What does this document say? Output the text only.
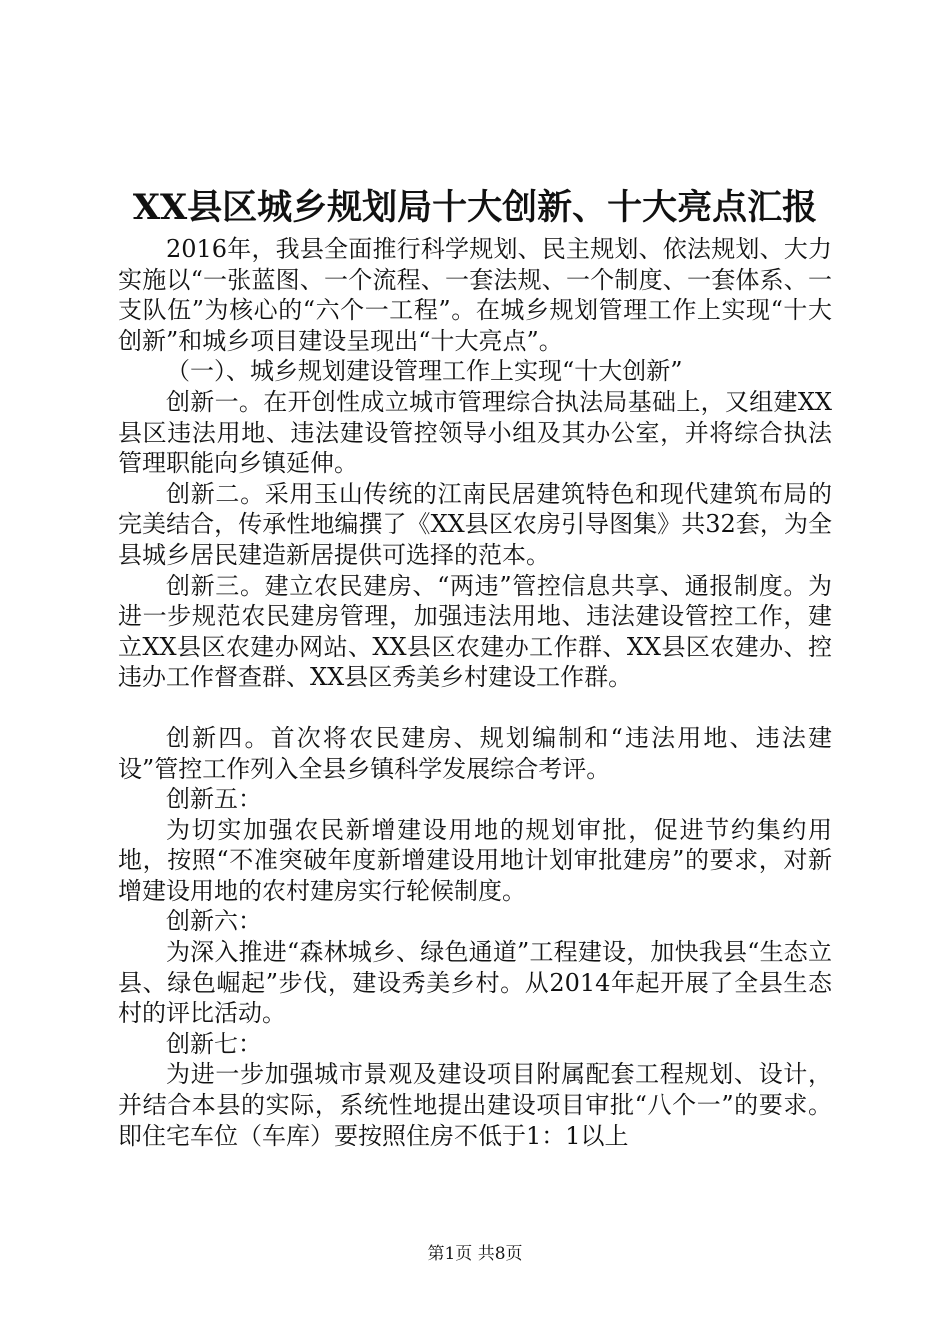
XX县区城乡规划局十大创新、十大亮点汇报

2016年，我县全面推行科学规划、民主规划、依法规划、大力实施以“一张蓝图、一个流程、一套法规、一个制度、一套体系、一支队伍”为核心的“六个一工程”。在城乡规划管理工作上实现“十大创新”和城乡项目建设呈现出“十大亮点”。

（一）、城乡规划建设管理工作上实现“十大创新”

创新一。在开创性成立城市管理综合执法局基础上，又组建XX县区违法用地、违法建设管控领导小组及其办公室，并将综合执法管理职能向乡镇延伸。

创新二。采用玉山传统的江南民居建筑特色和现代建筑布局的完美结合，传承性地编撰了《XX县区农房引导图集》共32套，为全县城乡居民建造新居提供可选择的范本。

创新三。建立农民建房、“两违”管控信息共享、通报制度。为进一步规范农民建房管理，加强违法用地、违法建设管控工作，建立XX县区农建办网站、XX县区农建办工作群、XX县区农建办、控违办工作督查群、XX县区秀美乡村建设工作群。

创新四。首次将农民建房、规划编制和“违法用地、违法建设”管控工作列入全县乡镇科学发展综合考评。

创新五：

为切实加强农民新增建设用地的规划审批，促进节约集约用地，按照“不准突破年度新增建设用地计划审批建房”的要求，对新增建设用地的农村建房实行轮候制度。

创新六：

为深入推进“森林城乡、绿色通道”工程建设，加快我县“生态立县、绿色崛起”步伐，建设秀美乡村。从2014年起开展了全县生态村的评比活动。

创新七：

为进一步加强城市景观及建设项目附属配套工程规划、设计，并结合本县的实际，系统性地提出建设项目审批“八个一”的要求。即住宅车位（车库）要按照住房不低于1：1以上

第1页 共8页
